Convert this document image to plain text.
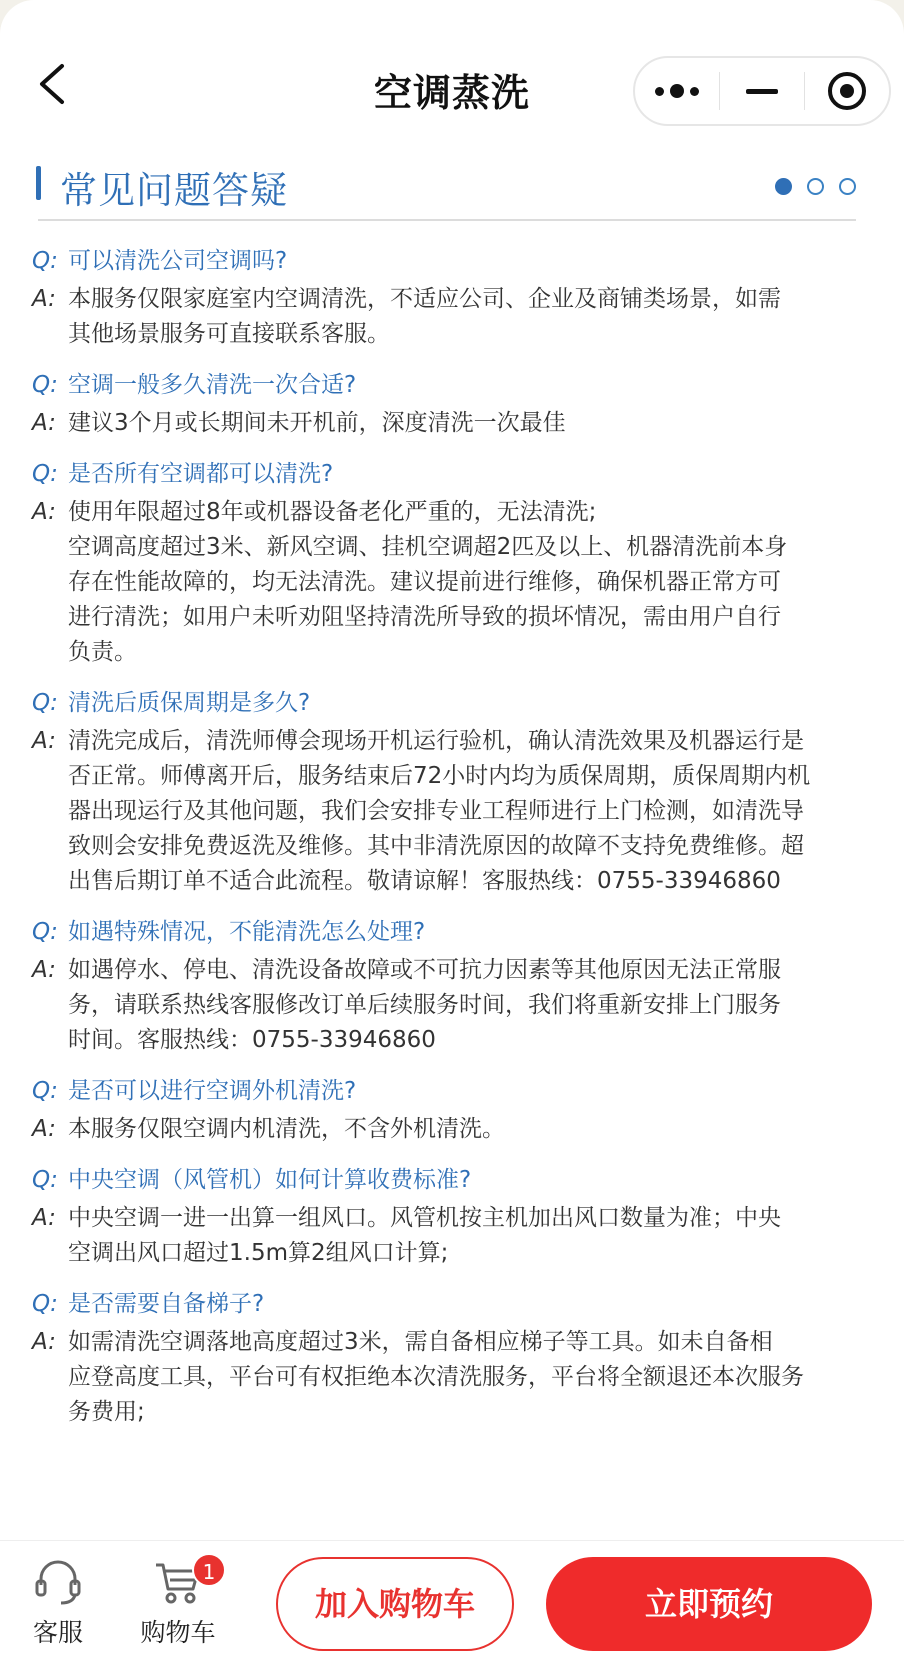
空调蒸洗
常见问题答疑
Q: 可以清洗公司空调吗?
A: 本服务仅限家庭室内空调清洗，不适应公司、企业及商铺类场景，如需
其他场景服务可直接联系客服。
Q: 空调一般多久清洗一次合适?
A: 建议3个月或长期间未开机前，深度清洗一次最佳
Q: 是否所有空调都可以清洗?
A: 使用年限超过8年或机器设备老化严重的，无法清洗;
空调高度超过3米、新风空调、挂机空调超2匹及以上、机器清洗前本身
存在性能故障的，均无法清洗。建议提前进行维修，确保机器正常方可
进行清洗；如用户未听劝阻坚持清洗所导致的损坏情况，需由用户自行
负责。
Q: 清洗后质保周期是多久?
A: 清洗完成后，清洗师傅会现场开机运行验机，确认清洗效果及机器运行是
否正常。师傅离开后，服务结束后72小时内均为质保周期，质保周期内机
器出现运行及其他问题，我们会安排专业工程师进行上门检测，如清洗导
致则会安排免费返洗及维修。其中非清洗原因的故障不支持免费维修。超
出售后期订单不适合此流程。敬请谅解！客服热线：0755-33946860
Q: 如遇特殊情况，不能清洗怎么处理?
A: 如遇停水、停电、清洗设备故障或不可抗力因素等其他原因无法正常服
务，请联系热线客服修改订单后续服务时间，我们将重新安排上门服务
时间。客服热线：0755-33946860
Q: 是否可以进行空调外机清洗?
A: 本服务仅限空调内机清洗，不含外机清洗。
Q: 中央空调（风管机）如何计算收费标准?
A: 中央空调一进一出算一组风口。风管机按主机加出风口数量为准；中央
空调出风口超过1.5m算2组风口计算;
Q: 是否需要自备梯子?
A: 如需清洗空调落地高度超过3米，需自备相应梯子等工具。如未自备相
应登高度工具，平台可有权拒绝本次清洗服务，平台将全额退还本次服务
务费用;
客服
1
购物车
加入购物车	立即预约
